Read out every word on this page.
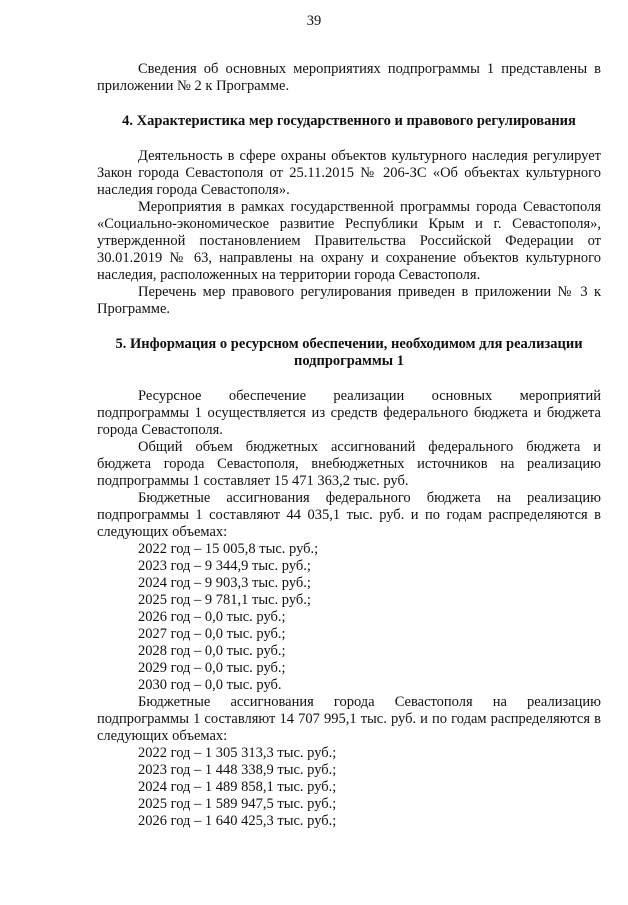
39

Сведения об основных мероприятиях подпрограммы 1 представлены в приложении № 2 к Программе.

4. Характеристика мер государственного и правового регулирования

Деятельность в сфере охраны объектов культурного наследия регулирует Закон города Севастополя от 25.11.2015 № 206-ЗС «Об объектах культурного наследия города Севастополя».

Мероприятия в рамках государственной программы города Севастополя «Социально-экономическое развитие Республики Крым и г. Севастополя», утвержденной постановлением Правительства Российской Федерации от 30.01.2019 № 63, направлены на охрану и сохранение объектов культурного наследия, расположенных на территории города Севастополя.

Перечень мер правового регулирования приведен в приложении № 3 к Программе.

5. Информация о ресурсном обеспечении, необходимом для реализации
подпрограммы 1

Ресурсное обеспечение реализации основных мероприятий подпрограммы 1 осуществляется из средств федерального бюджета и бюджета города Севастополя.

Общий объем бюджетных ассигнований федерального бюджета и бюджета города Севастополя, внебюджетных источников на реализацию подпрограммы 1 составляет 15 471 363,2 тыс. руб.

Бюджетные ассигнования федерального бюджета на реализацию подпрограммы 1 составляют 44 035,1 тыс. руб. и по годам распределяются в следующих объемах:

2022 год – 15 005,8 тыс. руб.;
2023 год – 9 344,9 тыс. руб.;
2024 год – 9 903,3 тыс. руб.;
2025 год – 9 781,1 тыс. руб.;
2026 год – 0,0 тыс. руб.;
2027 год – 0,0 тыс. руб.;
2028 год – 0,0 тыс. руб.;
2029 год – 0,0 тыс. руб.;
2030 год – 0,0 тыс. руб.

Бюджетные ассигнования города Севастополя на реализацию подпрограммы 1 составляют 14 707 995,1 тыс. руб. и по годам распределяются в следующих объемах:

2022 год – 1 305 313,3 тыс. руб.;
2023 год – 1 448 338,9 тыс. руб.;
2024 год – 1 489 858,1 тыс. руб.;
2025 год – 1 589 947,5 тыс. руб.;
2026 год – 1 640 425,3 тыс. руб.;
